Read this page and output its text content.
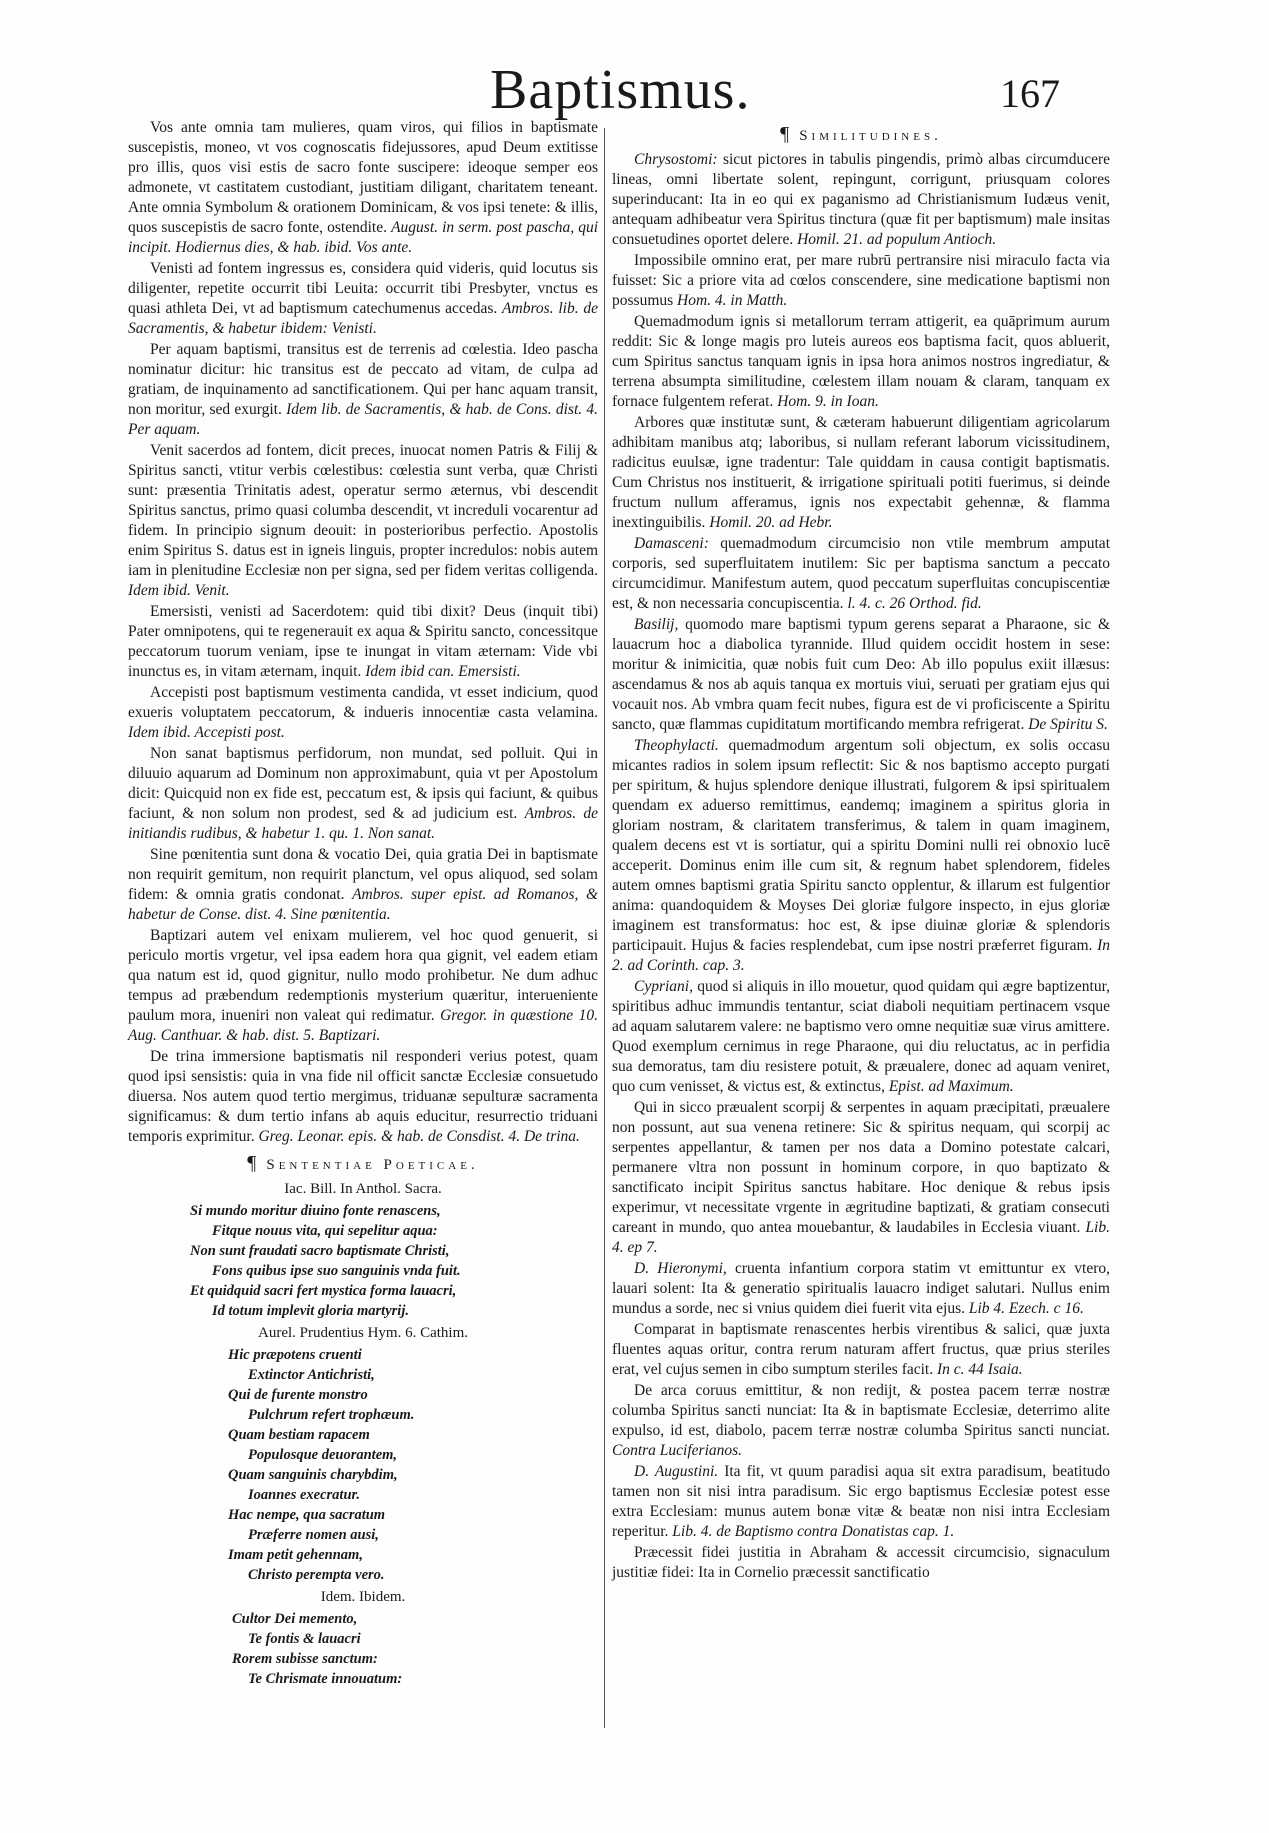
Baptismus.	167

Vos ante omnia tam mulieres, quam viros, qui filios in baptismate suscepistis, moneo, vt vos cognoscatis fidejussores, apud Deum extitisse pro illis, quos visi estis de sacro fonte suscipere: ideoque semper eos admonete, vt castitatem custodiant, justitiam diligant, charitatem teneant. Ante omnia Symbolum & orationem Dominicam, & vos ipsi tenete: & illis, quos suscepistis de sacro fonte, ostendite. August. in serm. post pascha, qui incipit. Hodiernus dies, & hab. ibid. Vos ante.

Venisti ad fontem ingressus es, considera quid videris, quid locutus sis diligenter, repetite occurrit tibi Leuita: occurrit tibi Presbyter, vnctus es quasi athleta Dei, vt ad baptismum catechumenus accedas. Ambros. lib. de Sacramentis, & habetur ibidem: Venisti.

Per aquam baptismi, transitus est de terrenis ad cœlestia. Ideo pascha nominatur dicitur: hic transitus est de peccato ad vitam, de culpa ad gratiam, de inquinamento ad sanctificationem. Qui per hanc aquam transit, non moritur, sed exurgit. Idem lib. de Sacramentis, & hab. de Cons. dist. 4. Per aquam.

Venit sacerdos ad fontem, dicit preces, inuocat nomen Patris & Filij & Spiritus sancti, vtitur verbis cœlestibus: cœlestia sunt verba, quæ Christi sunt: præsentia Trinitatis adest, operatur sermo æternus, vbi descendit Spiritus sanctus, primo quasi columba descendit, vt increduli vocarentur ad fidem. In principio signum deouit: in posterioribus perfectio. Apostolis enim Spiritus S. datus est in igneis linguis, propter incredulos: nobis autem iam in plenitudine Ecclesiæ non per signa, sed per fidem veritas colligenda. Idem ibid. Venit.

Emersisti, venisti ad Sacerdotem: quid tibi dixit? Deus (inquit tibi) Pater omnipotens, qui te regenerauit ex aqua & Spiritu sancto, concessitque peccatorum tuorum veniam, ipse te inungat in vitam æternam: Vide vbi inunctus es, in vitam æternam, inquit. Idem ibid can. Emersisti.

Accepisti post baptismum vestimenta candida, vt esset indicium, quod exueris voluptatem peccatorum, & indueris innocentiæ casta velamina. Idem ibid. Accepisti post.

Non sanat baptismus perfidorum, non mundat, sed polluit. Qui in diluuio aquarum ad Dominum non approximabunt, quia vt per Apostolum dicit: Quicquid non ex fide est, peccatum est, & ipsis qui faciunt, & quibus faciunt, & non solum non prodest, sed & ad judicium est. Ambros. de initiandis rudibus, & habetur 1. qu. 1. Non sanat.

Sine pœnitentia sunt dona & vocatio Dei, quia gratia Dei in baptismate non requirit gemitum, non requirit planctum, vel opus aliquod, sed solam fidem: & omnia gratis condonat. Ambros. super epist. ad Romanos, & habetur de Conse. dist. 4. Sine pœnitentia.

Baptizari autem vel enixam mulierem, vel hoc quod genuerit, si periculo mortis vrgetur, vel ipsa eadem hora qua gignit, vel eadem etiam qua natum est id, quod gignitur, nullo modo prohibetur. Ne dum adhuc tempus ad præbendum redemptionis mysterium quæritur, interueniente paulum mora, inueniri non valeat qui redimatur. Gregor. in quæstione 10. Aug. Canthuar. & hab. dist. 5. Baptizari.

De trina immersione baptismatis nil responderi verius potest, quam quod ipsi sensistis: quia in vna fide nil officit sanctæ Ecclesiæ consuetudo diuersa. Nos autem quod tertio mergimus, triduanæ sepulturæ sacramenta significamus: & dum tertio infans ab aquis educitur, resurrectio triduani temporis exprimitur. Greg. Leonar. epis. & hab. de Consdist. 4. De trina.

¶ Sententiae Poeticae.
Iac. Bill. In Anthol. Sacra.

Si mundo moritur diuino fonte renascens,

Fitque nouus vita, qui sepelitur aqua:

Non sunt fraudati sacro baptismate Christi,

Fons quibus ipse suo sanguinis vnda fuit.

Et quidquid sacri fert mystica forma lauacri,

Id totum implevit gloria martyrij.

Aurel. Prudentius Hym. 6. Cathim.

Hic præpotens cruenti

Extinctor Antichristi,

Qui de furente monstro

Pulchrum refert trophæum.

Quam bestiam rapacem

Populosque deuorantem,

Quam sanguinis charybdim,

Ioannes execratur.

Hac nempe, qua sacratum

Præferre nomen ausi,

Imam petit gehennam,

Christo perempta vero.

Idem. Ibidem.

Cultor Dei memento,

Te fontis & lauacri

Rorem subisse sanctum:

Te Chrismate innouatum:

¶ Similitudines.

Chrysostomi: sicut pictores in tabulis pingendis, primò albas circumducere lineas, omni libertate solent, repingunt, corrigunt, priusquam colores superinducant: Ita in eo qui ex paganismo ad Christianismum Iudæus venit, antequam adhibeatur vera Spiritus tinctura (quæ fit per baptismum) male insitas consuetudines oportet delere. Homil. 21. ad populum Antioch.

Impossibile omnino erat, per mare rubrū pertransire nisi miraculo facta via fuisset: Sic a priore vita ad cœlos conscendere, sine medicatione baptismi non possumus Hom. 4. in Matth.

Quemadmodum ignis si metallorum terram attigerit, ea quāprimum aurum reddit: Sic & longe magis pro luteis aureos eos baptisma facit, quos abluerit, cum Spiritus sanctus tanquam ignis in ipsa hora animos nostros ingrediatur, & terrena absumpta similitudine, cœlestem illam nouam & claram, tanquam ex fornace fulgentem referat. Hom. 9. in Ioan.

Arbores quæ institutæ sunt, & cæteram habuerunt diligentiam agricolarum adhibitam manibus atq; laboribus, si nullam referant laborum vicissitudinem, radicitus euulsæ, igne tradentur: Tale quiddam in causa contigit baptismatis. Cum Christus nos instituerit, & irrigatione spirituali potiti fuerimus, si deinde fructum nullum afferamus, ignis nos expectabit gehennæ, & flamma inextinguibilis. Homil. 20. ad Hebr.

Damasceni: quemadmodum circumcisio non vtile membrum amputat corporis, sed superfluitatem inutilem: Sic per baptisma sanctum a peccato circumcidimur. Manifestum autem, quod peccatum superfluitas concupiscentiæ est, & non necessaria concupiscentia. l. 4. c. 26 Orthod. fid.

Basilij, quomodo mare baptismi typum gerens separat a Pharaone, sic & lauacrum hoc a diabolica tyrannide. Illud quidem occidit hostem in sese: moritur & inimicitia, quæ nobis fuit cum Deo: Ab illo populus exiit illæsus: ascendamus & nos ab aquis tanqua ex mortuis viui, seruati per gratiam ejus qui vocauit nos. Ab vmbra quam fecit nubes, figura est de vi proficiscente a Spiritu sancto, quæ flammas cupiditatum mortificando membra refrigerat. De Spiritu S.

Theophylacti. quemadmodum argentum soli objectum, ex solis occasu micantes radios in solem ipsum reflectit: Sic & nos baptismo accepto purgati per spiritum, & hujus splendore denique illustrati, fulgorem & ipsi spiritualem quendam ex aduerso remittimus, eandemq; imaginem a spiritus gloria in gloriam nostram, & claritatem transferimus, & talem in quam imaginem, qualem decens est vt is sortiatur, qui a spiritu Domini nulli rei obnoxio lucē acceperit. Dominus enim ille cum sit, & regnum habet splendorem, fideles autem omnes baptismi gratia Spiritu sancto opplentur, & illarum est fulgentior anima: quandoquidem & Moyses Dei gloriæ fulgore inspecto, in ejus gloriæ imaginem est transformatus: hoc est, & ipse diuinæ gloriæ & splendoris participauit. Hujus & facies resplendebat, cum ipse nostri præferret figuram. In 2. ad Corinth. cap. 3.

Cypriani, quod si aliquis in illo mouetur, quod quidam qui ægre baptizentur, spiritibus adhuc immundis tentantur, sciat diaboli nequitiam pertinacem vsque ad aquam salutarem valere: ne baptismo vero omne nequitiæ suæ virus amittere. Quod exemplum cernimus in rege Pharaone, qui diu reluctatus, ac in perfidia sua demoratus, tam diu resistere potuit, & præualere, donec ad aquam veniret, quo cum venisset, & victus est, & extinctus, Epist. ad Maximum.

Qui in sicco præualent scorpij & serpentes in aquam præcipitati, præualere non possunt, aut sua venena retinere: Sic & spiritus nequam, qui scorpij ac serpentes appellantur, & tamen per nos data a Domino potestate calcari, permanere vltra non possunt in hominum corpore, in quo baptizato & sanctificato incipit Spiritus sanctus habitare. Hoc denique & rebus ipsis experimur, vt necessitate vrgente in ægritudine baptizati, & gratiam consecuti careant in mundo, quo antea mouebantur, & laudabiles in Ecclesia viuant. Lib. 4. ep 7.

D. Hieronymi, cruenta infantium corpora statim vt emittuntur ex vtero, lauari solent: Ita & generatio spiritualis lauacro indiget salutari. Nullus enim mundus a sorde, nec si vnius quidem diei fuerit vita ejus. Lib 4. Ezech. c 16.

Comparat in baptismate renascentes herbis virentibus & salici, quæ juxta fluentes aquas oritur, contra rerum naturam affert fructus, quæ prius steriles erat, vel cujus semen in cibo sumptum steriles facit. In c. 44 Isaia.

De arca coruus emittitur, & non redijt, & postea pacem terræ nostræ columba Spiritus sancti nunciat: Ita & in baptismate Ecclesiæ, deterrimo alite expulso, id est, diabolo, pacem terræ nostræ columba Spiritus sancti nunciat. Contra Luciferianos.

D. Augustini. Ita fit, vt quum paradisi aqua sit extra paradisum, beatitudo tamen non sit nisi intra paradisum. Sic ergo baptismus Ecclesiæ potest esse extra Ecclesiam: munus autem bonæ vitæ & beatæ non nisi intra Ecclesiam reperitur. Lib. 4. de Baptismo contra Donatistas cap. 1.

Præcessit fidei justitia in Abraham & accessit circumcisio, signaculum justitiæ fidei: Ita in Cornelio præcessit sanctificatio
